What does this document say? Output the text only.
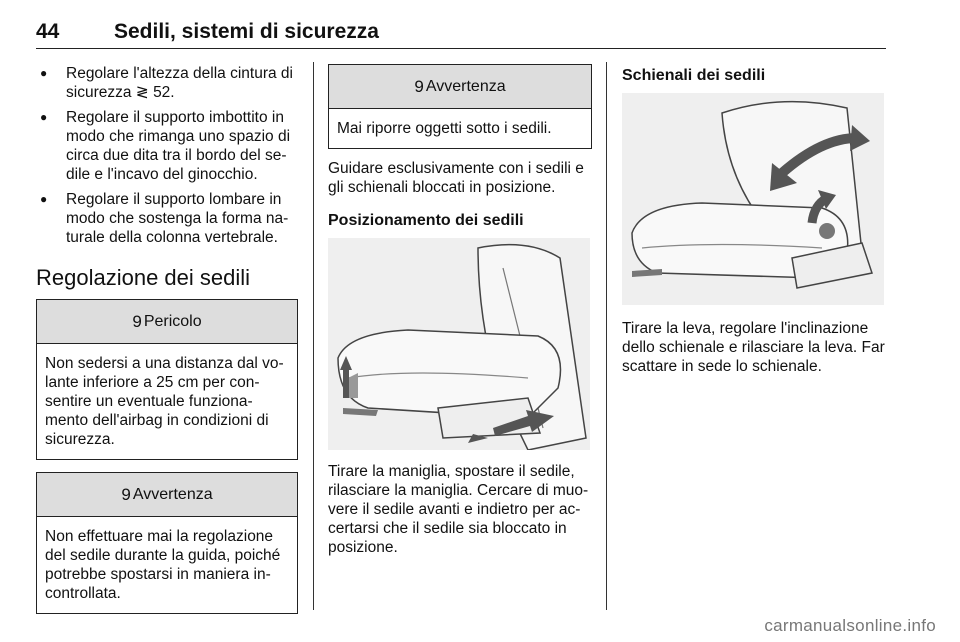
44	Sedili, sistemi di sicurezza
● Regolare l'altezza della cintura di sicurezza ≷ 52.
● Regolare il supporto imbottito in modo che rimanga uno spazio di circa due dita tra il bordo del se-dile e l'incavo del ginocchio.
● Regolare il supporto lombare in modo che sostenga la forma na-turale della colonna vertebrale.
Regolazione dei sedili
9 Pericolo
Non sedersi a una distanza dal vo-lante inferiore a 25 cm per con-sentire un eventuale funziona-mento dell'airbag in condizioni di sicurezza.
9 Avvertenza
Non effettuare mai la regolazione del sedile durante la guida, poiché potrebbe spostarsi in maniera in-controllata.
9 Avvertenza
Mai riporre oggetti sotto i sedili.

Guidare esclusivamente con i sedili e gli schienali bloccati in posizione.

Posizionamento dei sedili

Tirare la maniglia, spostare il sedile, rilasciare la maniglia. Cercare di muo-vere il sedile avanti e indietro per ac-certarsi che il sedile sia bloccato in posizione.

Schienali dei sedili

Tirare la leva, regolare l'inclinazione dello schienale e rilasciare la leva. Far scattare in sede lo schienale.

carmanualsonline.info
